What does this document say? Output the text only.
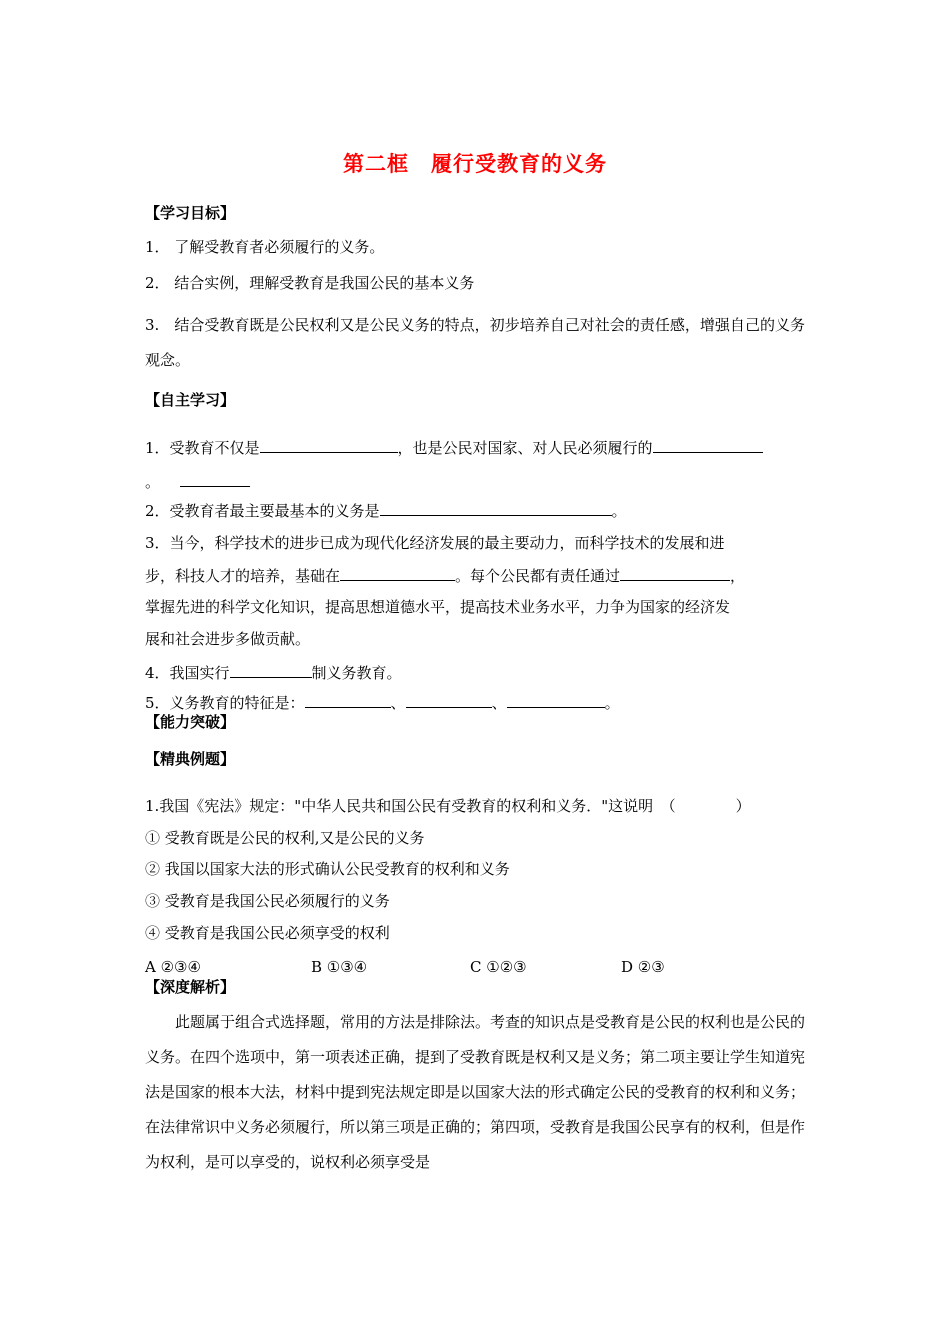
第二框　履行受教育的义务
【学习目标】
1． 了解受教育者必须履行的义务。
2． 结合实例，理解受教育是我国公民的基本义务
3.　结合受教育既是公民权利又是公民义务的特点，初步培养自己对社会的责任感，增强自己的义务观念。
【自主学习】
1．受教育不仅是	，也是公民对国家、对人民必须履行的
。
2．受教育者最主要最基本的义务是	。
3．当今，科学技术的进步已成为现代化经济发展的最主要动力，而科学技术的发展和进
步，科技人才的培养，基础在	。每个公民都有责任通过	，
掌握先进的科学文化知识，提高思想道德水平，提高技术业务水平，力争为国家的经济发
展和社会进步多做贡献。
4．我国实行	制义务教育。
5．义务教育的特征是：	、	、	。
【能力突破】
【精典例题】
1.我国《宪法》规定："中华人民共和国公民有受教育的权利和义务．"这说明　（　　　　）
① 受教育既是公民的权利,又是公民的义务
② 我国以国家大法的形式确认公民受教育的权利和义务
③ 受教育是我国公民必须履行的义务
④ 受教育是我国公民必须享受的权利
A ②③④	B ①③④	C ①②③	D ②③
【深度解析】
此题属于组合式选择题，常用的方法是排除法。考查的知识点是受教育是公民的权利也是公民的义务。在四个选项中，第一项表述正确，提到了受教育既是权利又是义务；第二项主要让学生知道宪法是国家的根本大法，材料中提到宪法规定即是以国家大法的形式确定公民的受教育的权利和义务；在法律常识中义务必须履行，所以第三项是正确的；第四项，受教育是我国公民享有的权利，但是作为权利，是可以享受的，说权利必须享受是
